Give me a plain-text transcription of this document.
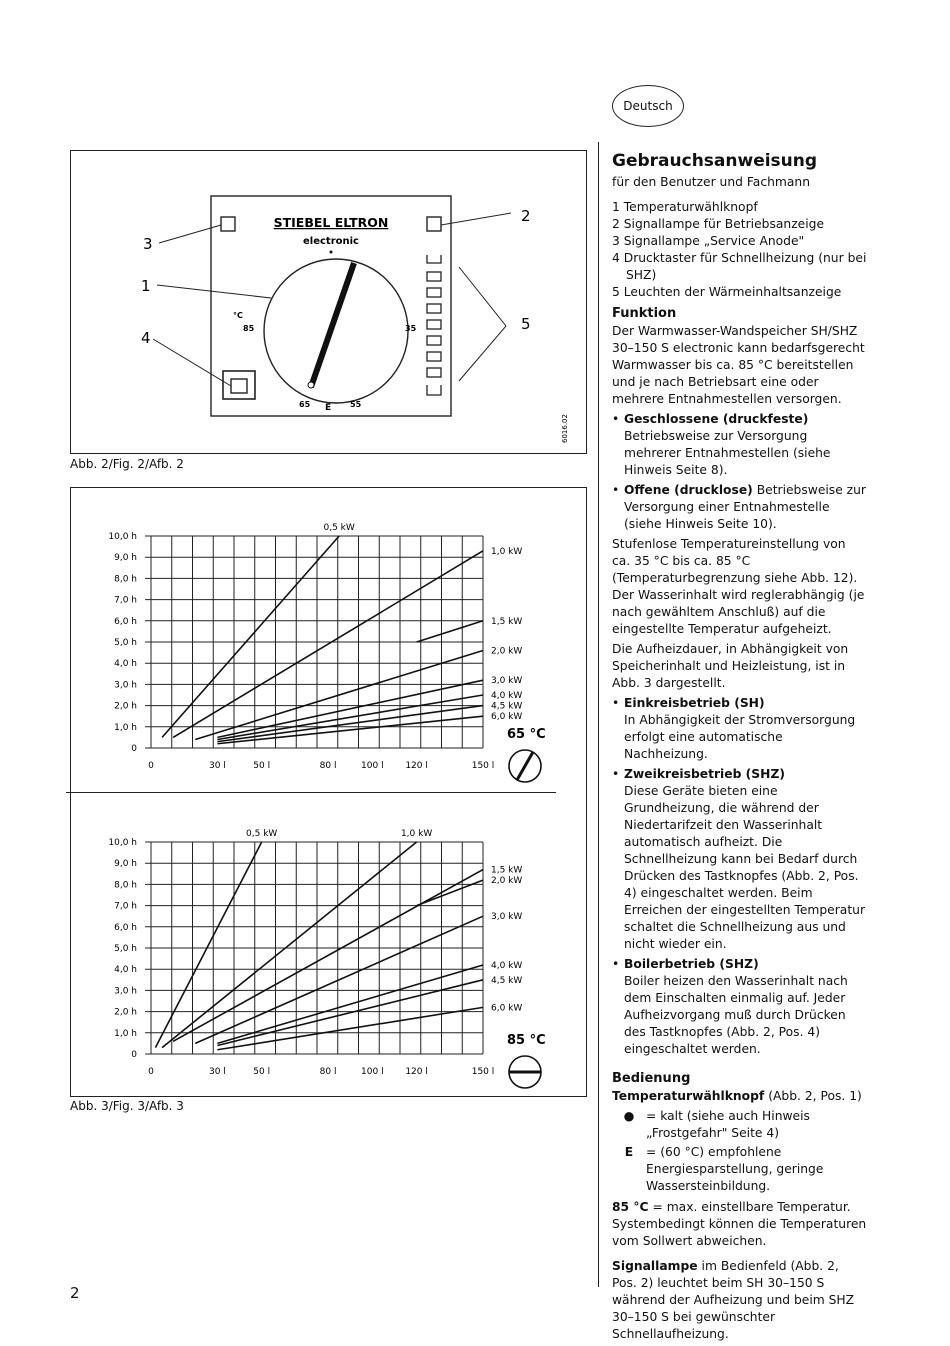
Deutsch
STIEBEL ELTRON
electronic
°C
85	35
65 E 55
3
1
4
2
5
6016.02
Abb. 2/Fig. 2/Afb. 2
10,0 h
9,0 h
8,0 h
7,0 h
6,0 h
5,0 h
4,0 h
3,0 h
2,0 h
1,0 h
0
0	30 l	50 l	80 l	100 l 120 l	150 l
0,5 kW
1,0 kW
1,5 kW
2,0 kW
3,0 kW
4,0 kW
4,5 kW
6,0 kW
65 °C
10,0 h
9,0 h
8,0 h
7,0 h
6,0 h
5,0 h
4,0 h
3,0 h
2,0 h
1,0 h
0
0	30 l	50 l	80 l	100 l 120 l	150 l
0,5 kW	1,0 kW
1,5 kW
2,0 kW
3,0 kW
4,0 kW
4,5 kW
6,0 kW
85 °C
Abb. 3/Fig. 3/Afb. 3
2
Gebrauchsanweisung
für den Benutzer und Fachmann
1 Temperaturwählknopf
2 Signallampe für Betriebsanzeige
3 Signallampe „Service Anode"
4 Drucktaster für Schnellheizung (nur bei SHZ)
5 Leuchten der Wärmeinhaltsanzeige
Funktion

Der Warmwasser-Wandspeicher SH/SHZ 30–150 S electronic kann bedarfsgerecht Warmwasser bis ca. 85 °C bereitstellen und je nach Betriebsart eine oder mehrere Entnahmestellen versorgen.

• Geschlossene (druckfeste) Betriebsweise zur Versorgung mehrerer Entnahmestellen (siehe Hinweis Seite 8).
• Offene (drucklose) Betriebsweise zur Versorgung einer Entnahmestelle (siehe Hinweis Seite 10).

Stufenlose Temperatureinstellung von ca. 35 °C bis ca. 85 °C (Temperaturbegrenzung siehe Abb. 12). Der Wasserinhalt wird reglerabhängig (je nach gewähltem Anschluß) auf die eingestellte Temperatur aufgeheizt.

Die Aufheizdauer, in Abhängigkeit von Speicherinhalt und Heizleistung, ist in Abb. 3 dargestellt.

• Einkreisbetrieb (SH)
In Abhängigkeit der Stromversorgung erfolgt eine automatische Nachheizung.
• Zweikreisbetrieb (SHZ)
Diese Geräte bieten eine Grundheizung, die während der Niedertarifzeit den Wasserinhalt automatisch aufheizt. Die Schnellheizung kann bei Bedarf durch Drücken des Tastknopfes (Abb. 2, Pos. 4) eingeschaltet werden. Beim Erreichen der eingestellten Temperatur schaltet die Schnellheizung aus und nicht wieder ein.
• Boilerbetrieb (SHZ)
Boiler heizen den Wasserinhalt nach dem Einschalten einmalig auf. Jeder Aufheizvorgang muß durch Drücken des Tastknopfes (Abb. 2, Pos. 4) eingeschaltet werden.
Bedienung

Temperaturwählknopf (Abb. 2, Pos. 1)

● = kalt (siehe auch Hinweis „Frostgefahr" Seite 4)
E	= (60 °C) empfohlene Energiesparstellung, geringe Wassersteinbildung.

85 °C = max. einstellbare Temperatur. Systembedingt können die Temperaturen vom Sollwert abweichen.

Signallampe im Bedienfeld (Abb. 2, Pos. 2) leuchtet beim SH 30–150 S während der Aufheizung und beim SHZ 30–150 S bei gewünschter Schnellaufheizung.
